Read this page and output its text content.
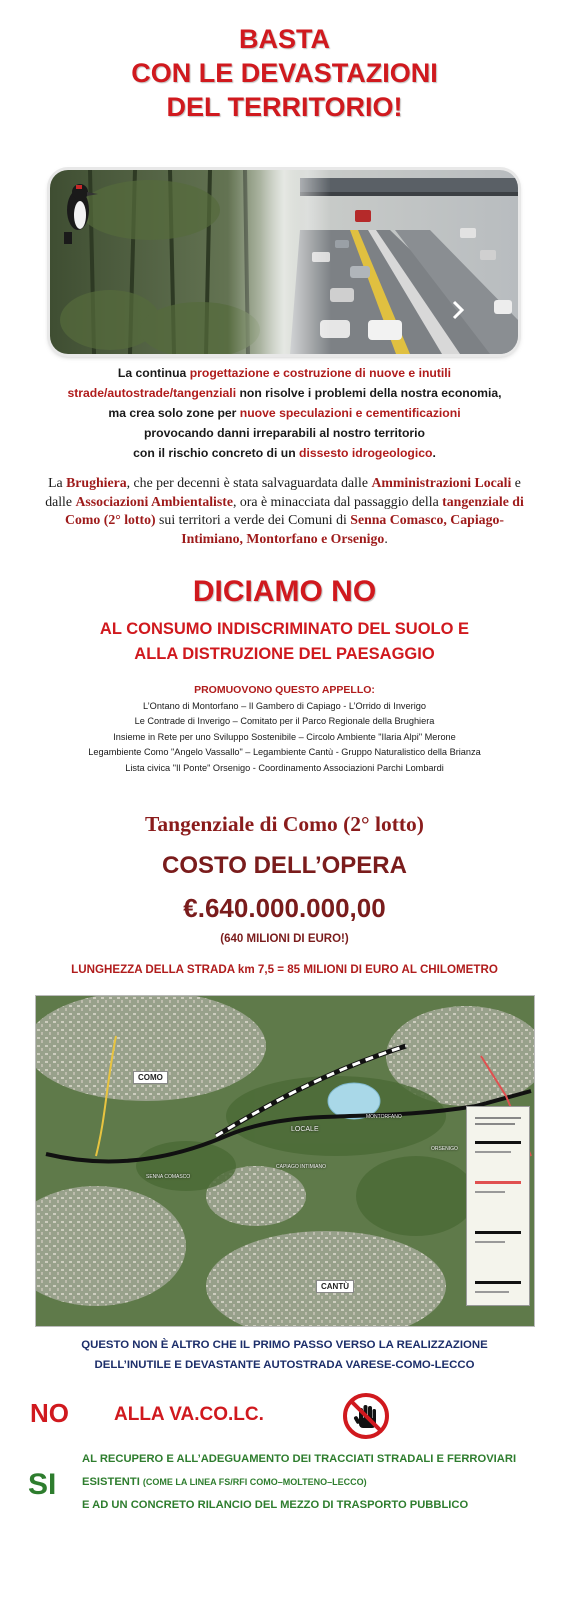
BASTA
CON LE DEVASTAZIONI
DEL TERRITORIO!
La continua progettazione e costruzione di nuove e inutili
strade/autostrade/tangenziali non risolve i problemi della nostra economia,
ma crea solo zone per nuove speculazioni e cementificazioni
provocando danni irreparabili al nostro territorio
con il rischio concreto di un dissesto idrogeologico.
La Brughiera, che per decenni è stata salvaguardata dalle Amministrazioni Locali e dalle Associazioni Ambientaliste, ora è minacciata dal passaggio della tangenziale di Como (2° lotto) sui territori a verde dei Comuni di Senna Comasco, Capiago-Intimiano, Montorfano e Orsenigo.
DICIAMO NO
AL CONSUMO INDISCRIMINATO DEL SUOLO E
ALLA DISTRUZIONE DEL PAESAGGIO
PROMUOVONO QUESTO APPELLO:
L’Ontano di Montorfano – Il Gambero di Capiago - L’Orrido di Inverigo
Le Contrade di Inverigo – Comitato per il Parco Regionale della Brughiera
Insieme in Rete per uno Sviluppo Sostenibile – Circolo Ambiente "Ilaria Alpi" Merone
Legambiente Como "Angelo Vassallo" – Legambiente Cantù - Gruppo Naturalistico della Brianza
Lista civica "Il Ponte" Orsenigo - Coordinamento Associazioni Parchi Lombardi
Tangenziale di Como (2° lotto)
COSTO DELL’OPERA
€.640.000.000,00
(640 MILIONI DI EURO!)
LUNGHEZZA DELLA STRADA km 7,5 = 85 MILIONI DI EURO AL CHILOMETRO
COMO
CANTÙ
LOCALE
MONTORFANO
SENNA COMASCO
CAPIAGO INTIMIANO
ORSENIGO
QUESTO NON È ALTRO CHE IL PRIMO PASSO VERSO LA REALIZZAZIONE
DELL’INUTILE E DEVASTANTE AUTOSTRADA VARESE-COMO-LECCO
NO ALLA VA.CO.LC.
SI
AL RECUPERO E ALL’ADEGUAMENTO DEI TRACCIATI STRADALI E FERROVIARI
ESISTENTI (COME LA LINEA FS/RFI COMO–MOLTENO–LECCO)
E AD UN CONCRETO RILANCIO DEL MEZZO DI TRASPORTO PUBBLICO
